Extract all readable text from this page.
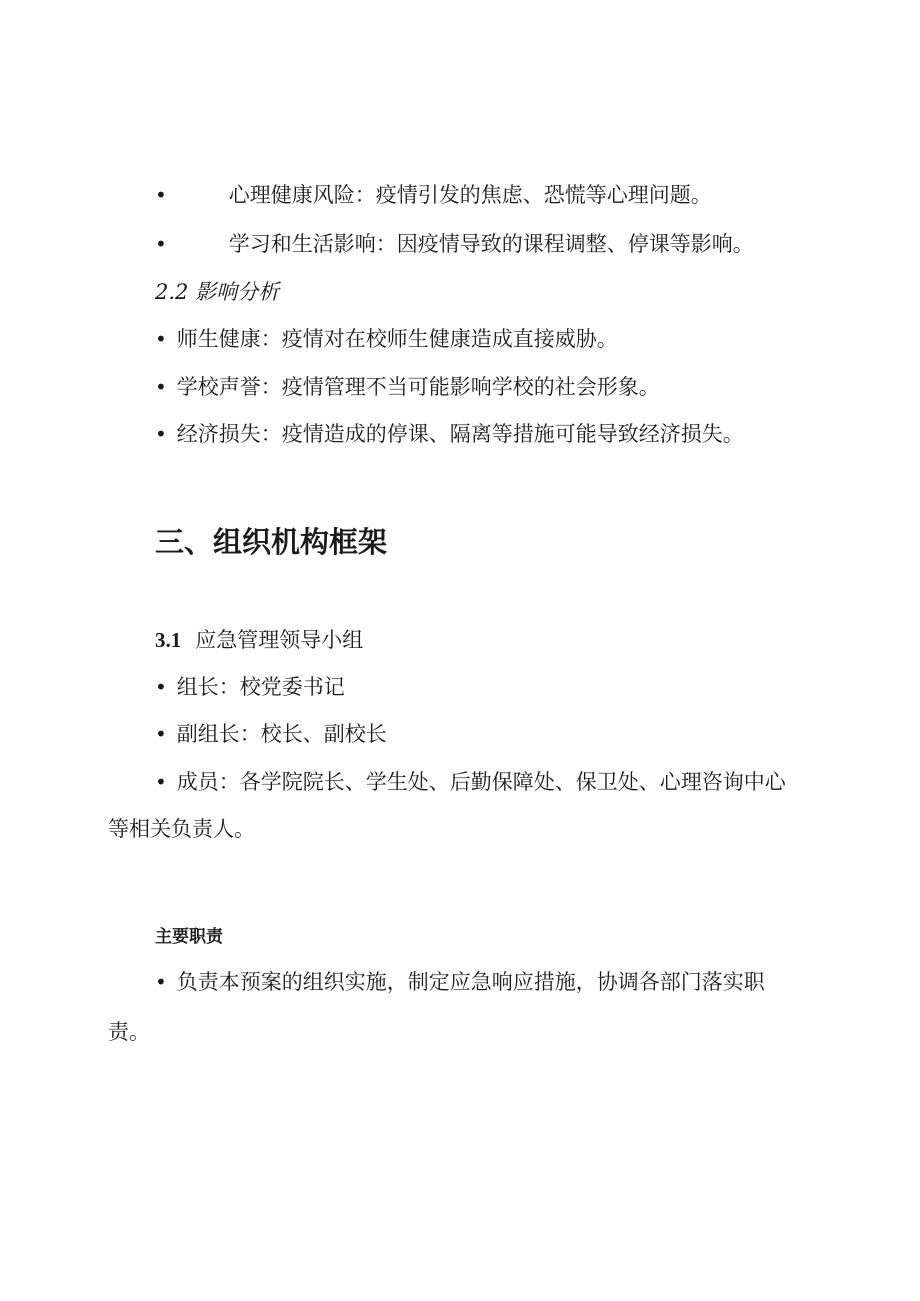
•	心理健康风险：疫情引发的焦虑、恐慌等心理问题。
•	学习和生活影响：因疫情导致的课程调整、停课等影响。
2.2 影响分析
• 师生健康：疫情对在校师生健康造成直接威胁。
• 学校声誉：疫情管理不当可能影响学校的社会形象。
• 经济损失：疫情造成的停课、隔离等措施可能导致经济损失。
三、组织机构框架
3.1 应急管理领导小组
• 组长：校党委书记
• 副组长：校长、副校长
• 成员：各学院院长、学生处、后勤保障处、保卫处、心理咨询中心
等相关负责人。
主要职责
• 负责本预案的组织实施，制定应急响应措施，协调各部门落实职
责。
